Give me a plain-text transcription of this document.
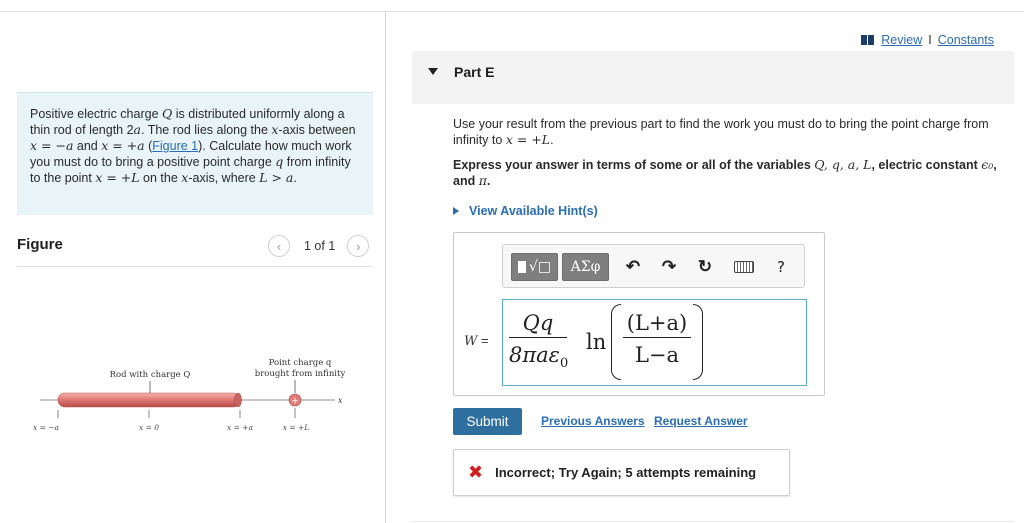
Positive electric charge Q is distributed uniformly along a thin rod of length 2a. The rod lies along the x-axis between x = −a and x = +a (Figure 1). Calculate how much work you must do to bring a positive point charge q from infinity to the point x = +L on the x-axis, where L > a.
Figure	‹ 1 of 1 ›
Rod with charge Q
Point charge q
brought from infinity
x
+
x = −a	x = 0	x = +a	x = +L
Review I Constants
Part E
Use your result from the previous part to find the work you must do to bring the point charge from infinity to x = +L.
Express your answer in terms of some or all of the variables Q, q, a, L, electric constant ϵ₀, and π.
View Available Hint(s)
√□	ΑΣφ	↶ ↷ ↻	?
W =
Qq
8πaε$_0$
$\ln \frac{(L+a)}{L-a}$
Submit	Previous Answers Request Answer
✖ Incorrect; Try Again; 5 attempts remaining
